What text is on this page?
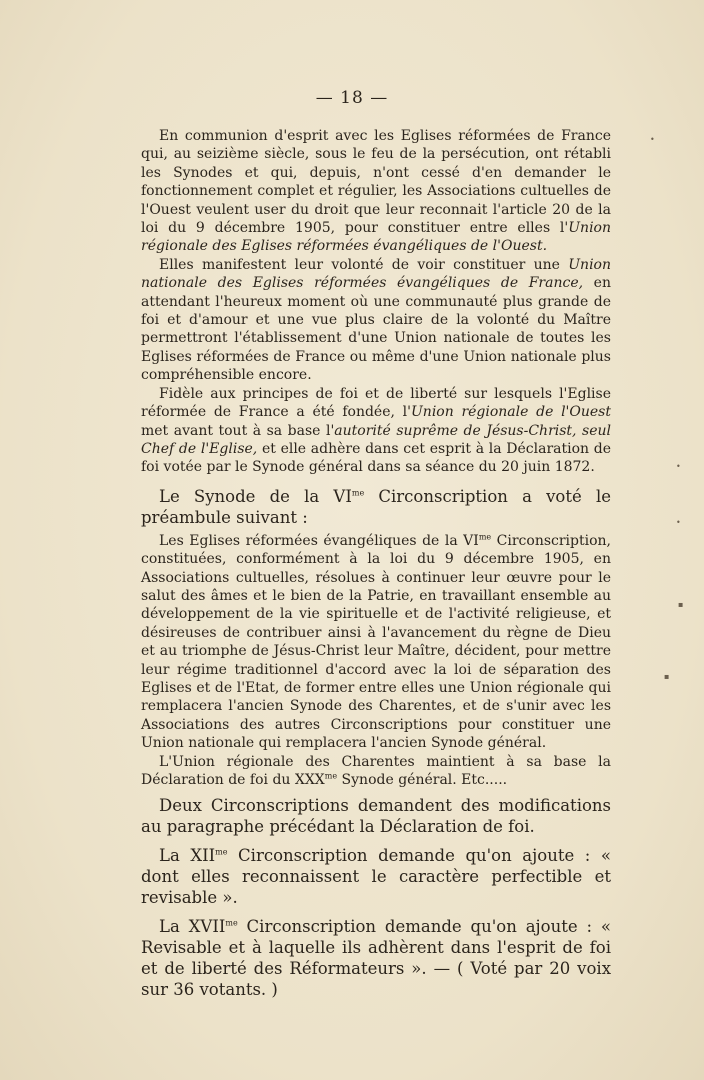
— 18 —

En communion d'esprit avec les Eglises réformées de France qui, au seizième siècle, sous le feu de la persécution, ont rétabli les Synodes et qui, depuis, n'ont cessé d'en demander le fonctionnement complet et régulier, les Associations cultuelles de l'Ouest veulent user du droit que leur reconnait l'article 20 de la loi du 9 décembre 1905, pour constituer entre elles l'Union régionale des Eglises réformées évangéliques de l'Ouest.

Elles manifestent leur volonté de voir constituer une Union nationale des Eglises réformées évangéliques de France, en attendant l'heureux moment où une communauté plus grande de foi et d'amour et une vue plus claire de la volonté du Maître permettront l'établissement d'une Union nationale de toutes les Eglises réformées de France ou même d'une Union nationale plus compréhensible encore.

Fidèle aux principes de foi et de liberté sur lesquels l'Eglise réformée de France a été fondée, l'Union régionale de l'Ouest met avant tout à sa base l'autorité suprême de Jésus-Christ, seul Chef de l'Eglise, et elle adhère dans cet esprit à la Déclaration de foi votée par le Synode général dans sa séance du 20 juin 1872.

Le Synode de la $VI^{me}$ Circonscription a voté le préambule suivant :

Les Eglises réformées évangéliques de la $VI^{me}$ Circonscription, constituées, conformément à la loi du 9 décembre 1905, en Associations cultuelles, résolues à continuer leur œuvre pour le salut des âmes et le bien de la Patrie, en travaillant ensemble au développement de la vie spirituelle et de l'activité religieuse, et désireuses de contribuer ainsi à l'avancement du règne de Dieu et au triomphe de Jésus-Christ leur Maître, décident, pour mettre leur régime traditionnel d'accord avec la loi de séparation des Eglises et de l'Etat, de former entre elles une Union régionale qui remplacera l'ancien Synode des Charentes, et de s'unir avec les Associations des autres Circonscriptions pour constituer une Union nationale qui remplacera l'ancien Synode général.

L'Union régionale des Charentes maintient à sa base la Déclaration de foi du $XXX^{me}$ Synode général. Etc.....

Deux Circonscriptions demandent des modifications au paragraphe précédant la Déclaration de foi.

La $XII^{me}$ Circonscription demande qu'on ajoute : « dont elles reconnaissent le caractère perfectible et revisable ».

La $XVII^{me}$ Circonscription demande qu'on ajoute : « Revisable et à laquelle ils adhèrent dans l'esprit de foi et de liberté des Réformateurs ». — ( Voté par 20 voix sur 36 votants. )

•
•
•
▪
▪
